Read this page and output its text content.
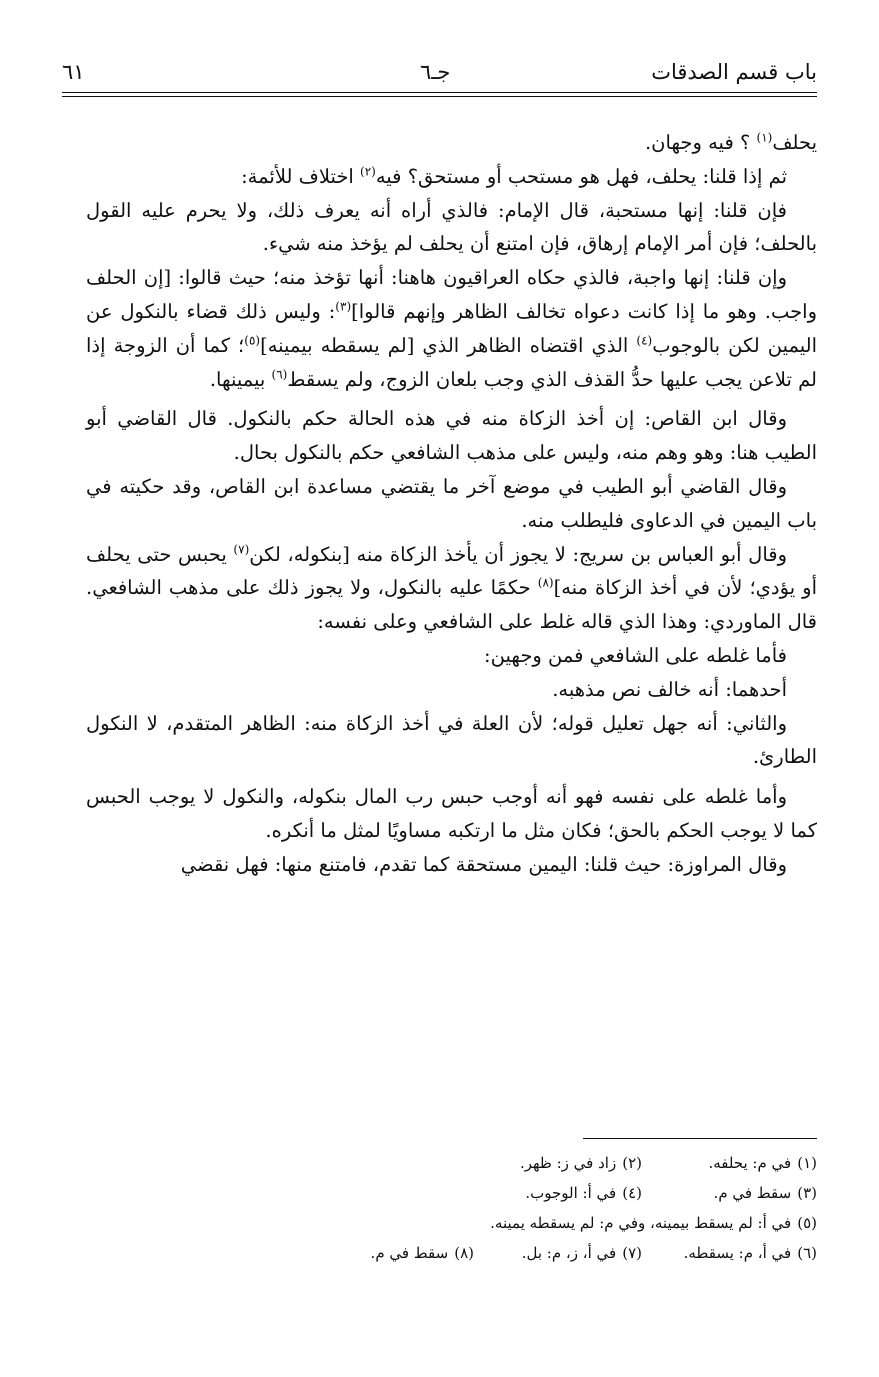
باب قسم الصدقات
جـ٦
٦١

يحلف$^{(١)}$ ؟ فيه وجهان.

ثم إذا قلنا: يحلف، فهل هو مستحب أو مستحق؟ فيه$^{(٢)}$ اختلاف للأئمة:

فإن قلنا: إنها مستحبة، قال الإمام: فالذي أراه أنه يعرف ذلك، ولا يحرم عليه القول بالحلف؛ فإن أمر الإمام إرهاق، فإن امتنع أن يحلف لم يؤخذ منه شيء.

وإن قلنا: إنها واجبة، فالذي حكاه العراقيون هاهنا: أنها تؤخذ منه؛ حيث قالوا: [إن الحلف واجب. وهو ما إذا كانت دعواه تخالف الظاهر وإنهم قالوا]$^{(٣)}$: وليس ذلك قضاء بالنكول عن اليمين لكن بالوجوب$^{(٤)}$ الذي اقتضاه الظاهر الذي [لم يسقطه بيمينه]$^{(٥)}$؛ كما أن الزوجة إذا لم تلاعن يجب عليها حدُّ القذف الذي وجب بلعان الزوج، ولم يسقط$^{(٦)}$ بيمينها.

وقال ابن القاص: إن أخذ الزكاة منه في هذه الحالة حكم بالنكول. قال القاضي أبو الطيب هنا: وهو وهم منه، وليس على مذهب الشافعي حكم بالنكول بحال.

وقال القاضي أبو الطيب في موضع آخر ما يقتضي مساعدة ابن القاص، وقد حكيته في باب اليمين في الدعاوى فليطلب منه.

وقال أبو العباس بن سريج: لا يجوز أن يأخذ الزكاة منه [بنكوله، لكن$^{(٧)}$ يحبس حتى يحلف أو يؤدي؛ لأن في أخذ الزكاة منه]$^{(٨)}$ حكمًا عليه بالنكول، ولا يجوز ذلك على مذهب الشافعي. قال الماوردي: وهذا الذي قاله غلط على الشافعي وعلى نفسه:

فأما غلطه على الشافعي فمن وجهين:

أحدهما: أنه خالف نص مذهبه.

والثاني: أنه جهل تعليل قوله؛ لأن العلة في أخذ الزكاة منه: الظاهر المتقدم، لا النكول الطارئ.

وأما غلطه على نفسه فهو أنه أوجب حبس رب المال بنكوله، والنكول لا يوجب الحبس كما لا يوجب الحكم بالحق؛ فكان مثل ما ارتكبه مساويًا لمثل ما أنكره.

وقال المراوزة: حيث قلنا: اليمين مستحقة كما تقدم، فامتنع منها: فهل نقضي

(١)في م: يحلفه.(٢)زاد في ز: ظهر.
(٣)سقط في م.(٤)في أ: الوجوب.
(٥)في أ: لم يسقط بيمينه، وفي م: لم يسقطه يمينه.
(٦)في أ، م: يسقطه.(٧)في أ، ز، م: بل.(٨)سقط في م.
